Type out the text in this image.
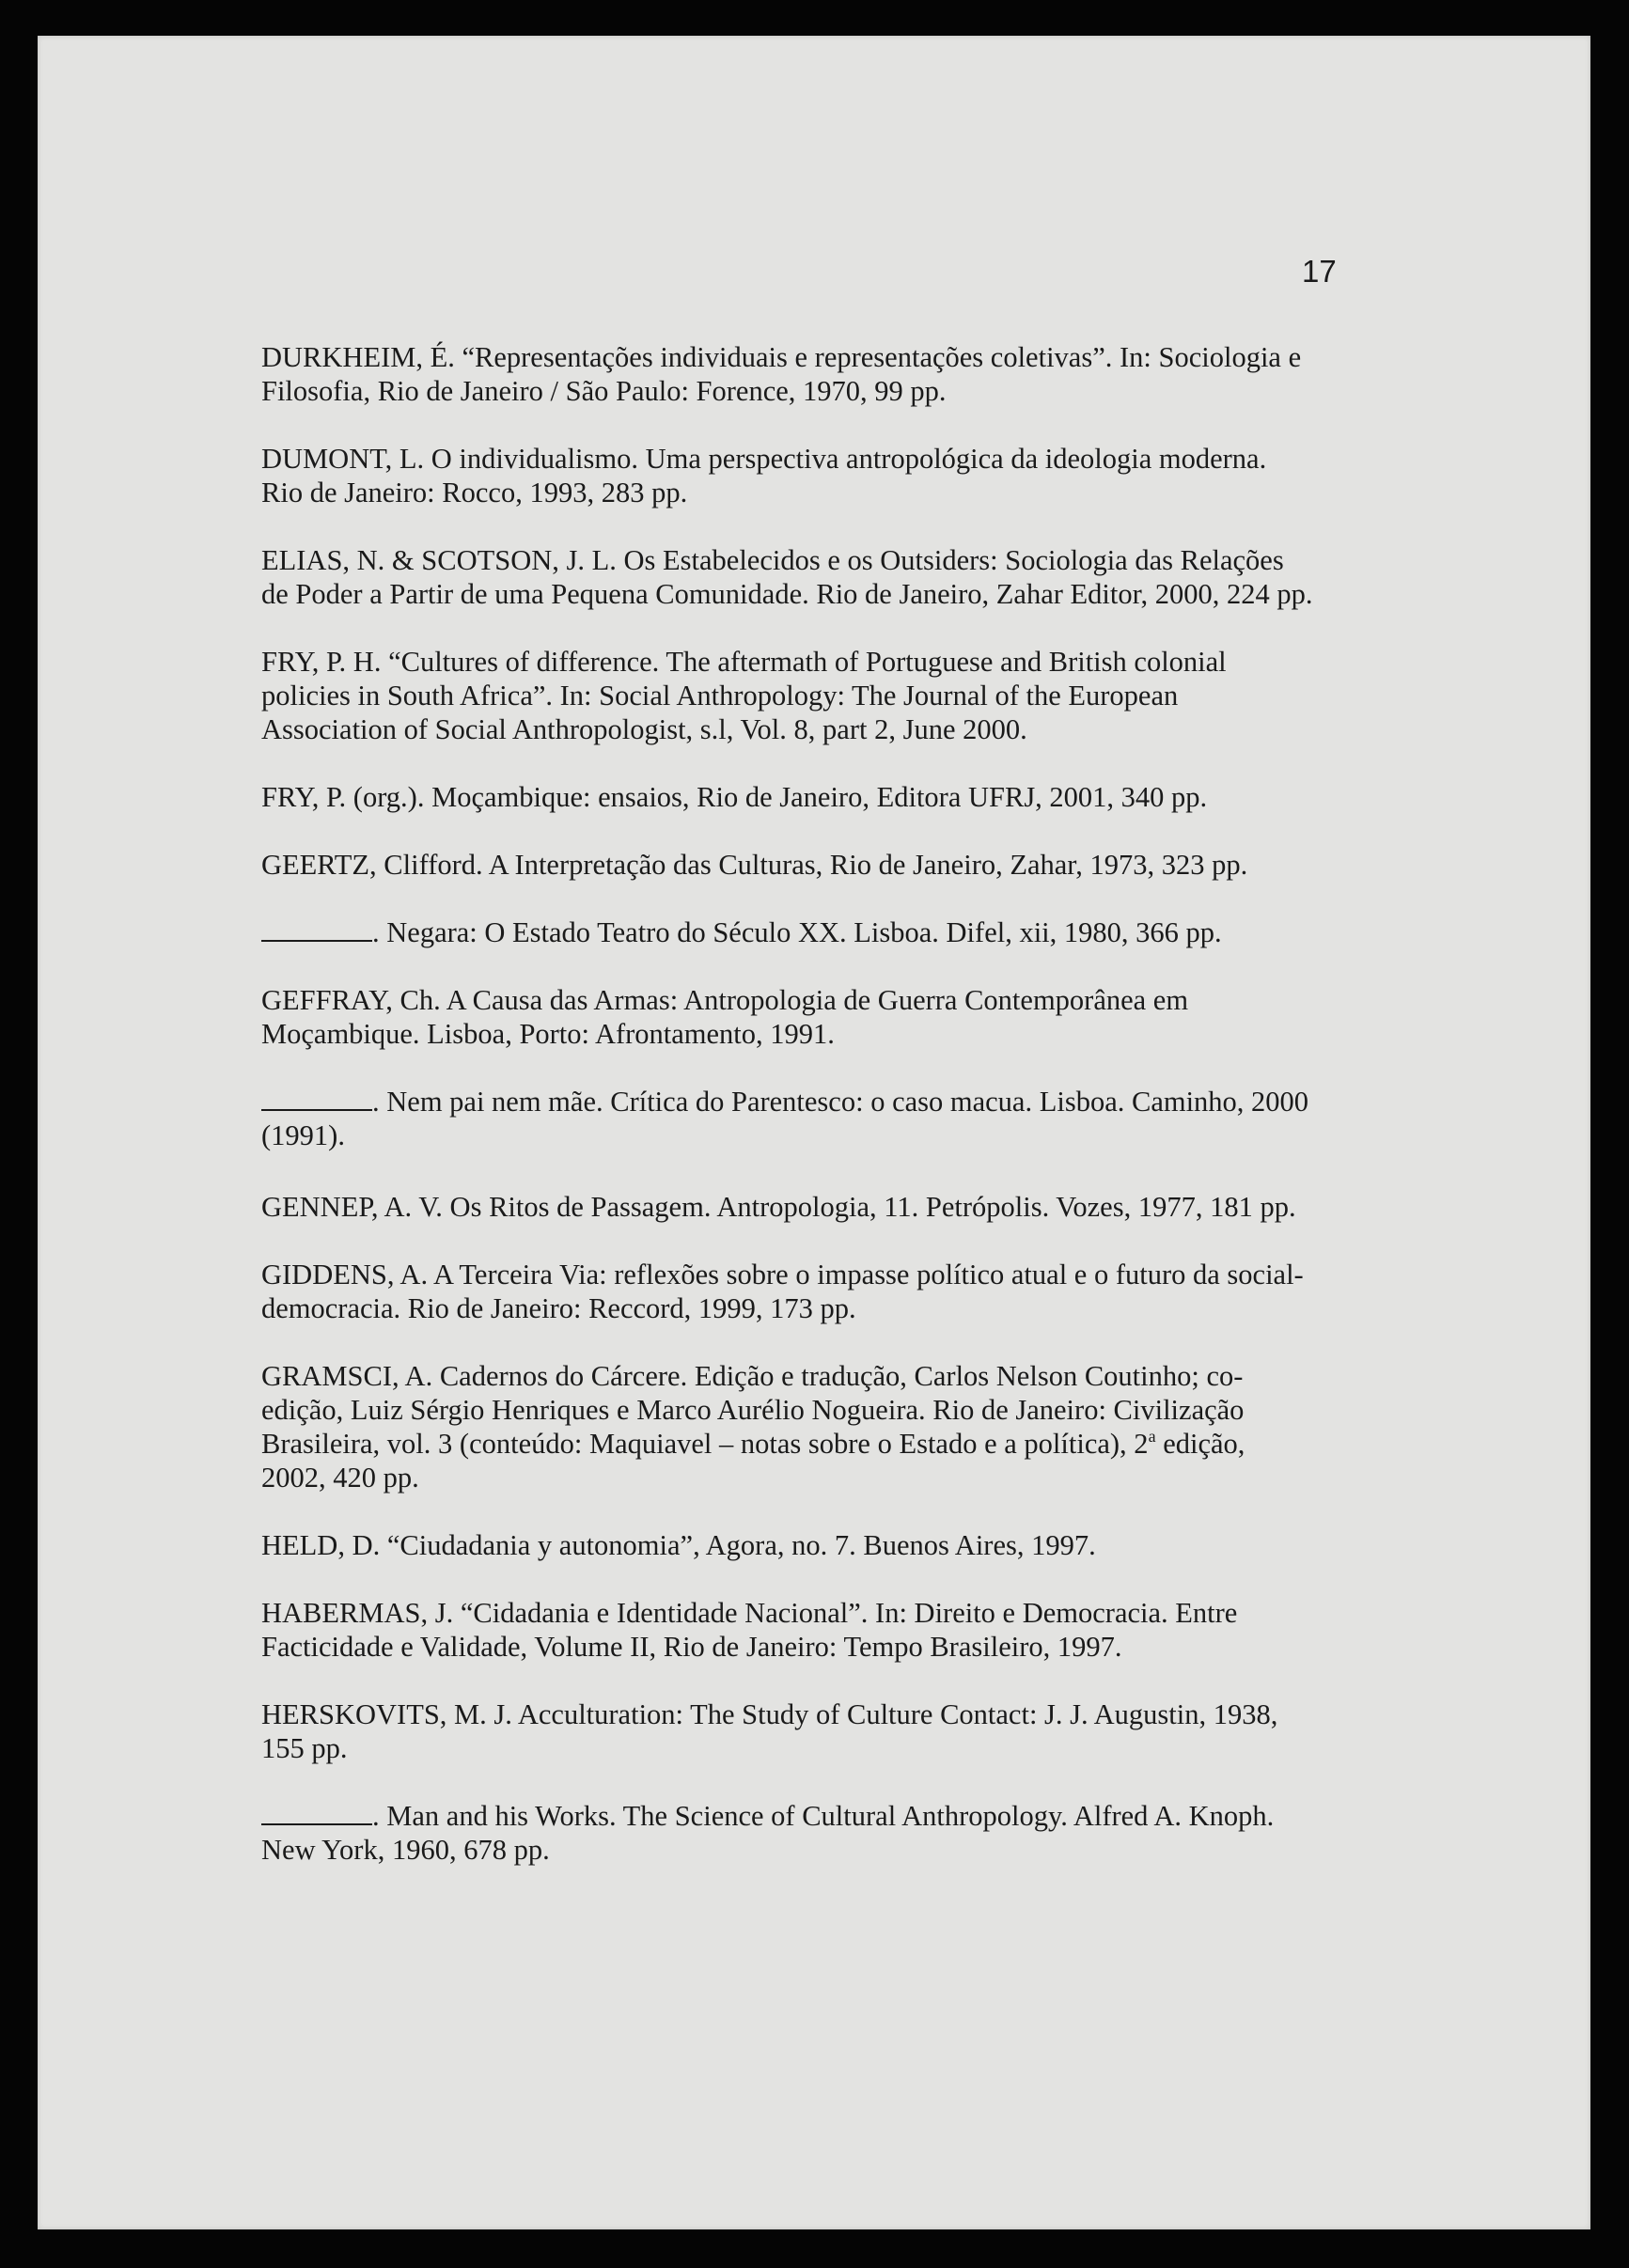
17
DURKHEIM, É. “Representações individuais e representações coletivas”. In: Sociologia e
Filosofia, Rio de Janeiro / São Paulo: Forence, 1970, 99 pp.
DUMONT, L. O individualismo. Uma perspectiva antropológica da ideologia moderna.
Rio de Janeiro: Rocco, 1993, 283 pp.
ELIAS, N. & SCOTSON, J. L. Os Estabelecidos e os Outsiders: Sociologia das Relações
de Poder a Partir de uma Pequena Comunidade. Rio de Janeiro, Zahar Editor, 2000, 224 pp.
FRY, P. H. “Cultures of difference. The aftermath of Portuguese and British colonial
policies in South Africa”. In: Social Anthropology: The Journal of the European
Association of Social Anthropologist, s.l, Vol. 8, part 2, June 2000.
FRY, P. (org.). Moçambique: ensaios, Rio de Janeiro, Editora UFRJ, 2001, 340 pp.
GEERTZ, Clifford. A Interpretação das Culturas, Rio de Janeiro, Zahar, 1973, 323 pp.
. Negara: O Estado Teatro do Século XX. Lisboa. Difel, xii, 1980, 366 pp.
GEFFRAY, Ch. A Causa das Armas: Antropologia de Guerra Contemporânea em
Moçambique. Lisboa, Porto: Afrontamento, 1991.
. Nem pai nem mãe. Crítica do Parentesco: o caso macua. Lisboa. Caminho, 2000
(1991).
GENNEP, A. V. Os Ritos de Passagem. Antropologia, 11. Petrópolis. Vozes, 1977, 181 pp.
GIDDENS, A. A Terceira Via: reflexões sobre o impasse político atual e o futuro da social-
democracia. Rio de Janeiro: Reccord, 1999, 173 pp.
GRAMSCI, A. Cadernos do Cárcere. Edição e tradução, Carlos Nelson Coutinho; co-
edição, Luiz Sérgio Henriques e Marco Aurélio Nogueira. Rio de Janeiro: Civilização
Brasileira, vol. 3 (conteúdo: Maquiavel – notas sobre o Estado e a política), 2$^a$ edição,
2002, 420 pp.
HELD, D. “Ciudadania y autonomia”, Agora, no. 7. Buenos Aires, 1997.
HABERMAS, J. “Cidadania e Identidade Nacional”. In: Direito e Democracia. Entre
Facticidade e Validade, Volume II, Rio de Janeiro: Tempo Brasileiro, 1997.
HERSKOVITS, M. J. Acculturation: The Study of Culture Contact: J. J. Augustin, 1938,
155 pp.
. Man and his Works. The Science of Cultural Anthropology. Alfred A. Knoph.
New York, 1960, 678 pp.
